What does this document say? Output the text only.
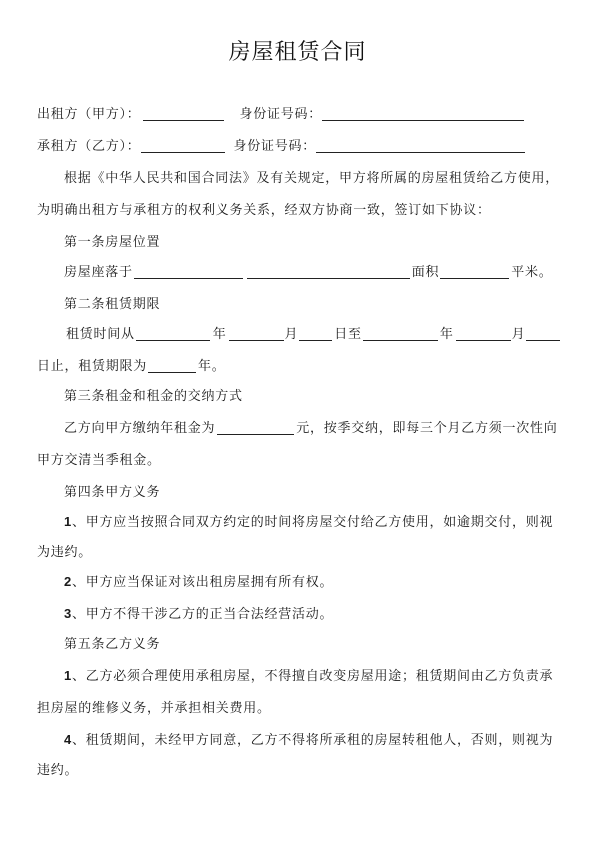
房屋租赁合同
出租方（甲方）：	身份证号码：
承租方（乙方）：	身份证号码：
根据《中华人民共和国合同法》及有关规定，甲方将所属的房屋租赁给乙方使用，
为明确出租方与承租方的权利义务关系，经双方协商一致，签订如下协议：
第一条房屋位置
房屋座落于	面积	平米。
第二条租赁期限
租赁时间从	年	月	日至	年	月
日止，租赁期限为	年。
第三条租金和租金的交纳方式
乙方向甲方缴纳年租金为	元，按季交纳，即每三个月乙方须一次性向
甲方交清当季租金。
第四条甲方义务
1 、甲方应当按照合同双方约定的时间将房屋交付给乙方使用，如逾期交付，则视
为违约。
2 、甲方应当保证对该出租房屋拥有所有权。
3 、甲方不得干涉乙方的正当合法经营活动。
第五条乙方义务
1 、乙方必须合理使用承租房屋，不得擅自改变房屋用途；租赁期间由乙方负责承
担房屋的维修义务，并承担相关费用。
4 、租赁期间，未经甲方同意，乙方不得将所承租的房屋转租他人，否则，则视为
违约。
